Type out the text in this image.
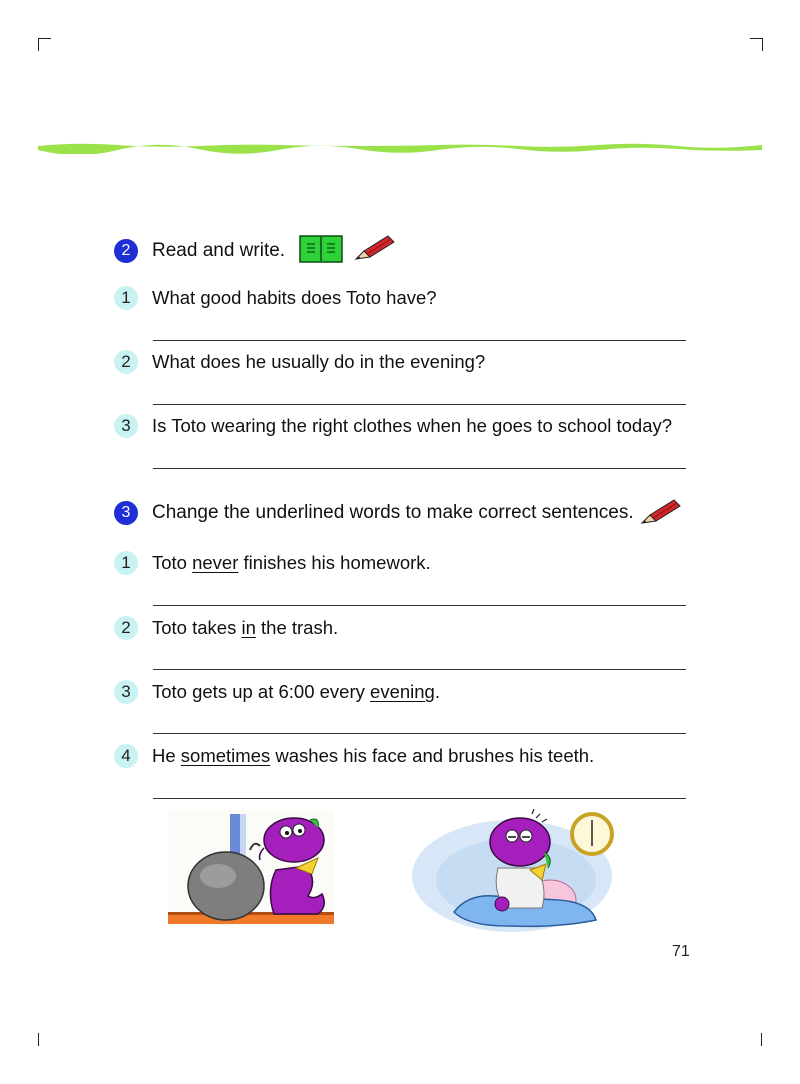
2	Read and write.
1	What good habits does Toto have?
2	What does he usually do in the evening?
3	Is Toto wearing the right clothes when he goes to school today?
3	Change the underlined words to make correct sentences.
1	Toto never finishes his homework.
2	Toto takes in the trash.
3	Toto gets up at 6:00 every evening.
4	He sometimes washes his face and brushes his teeth.
71
